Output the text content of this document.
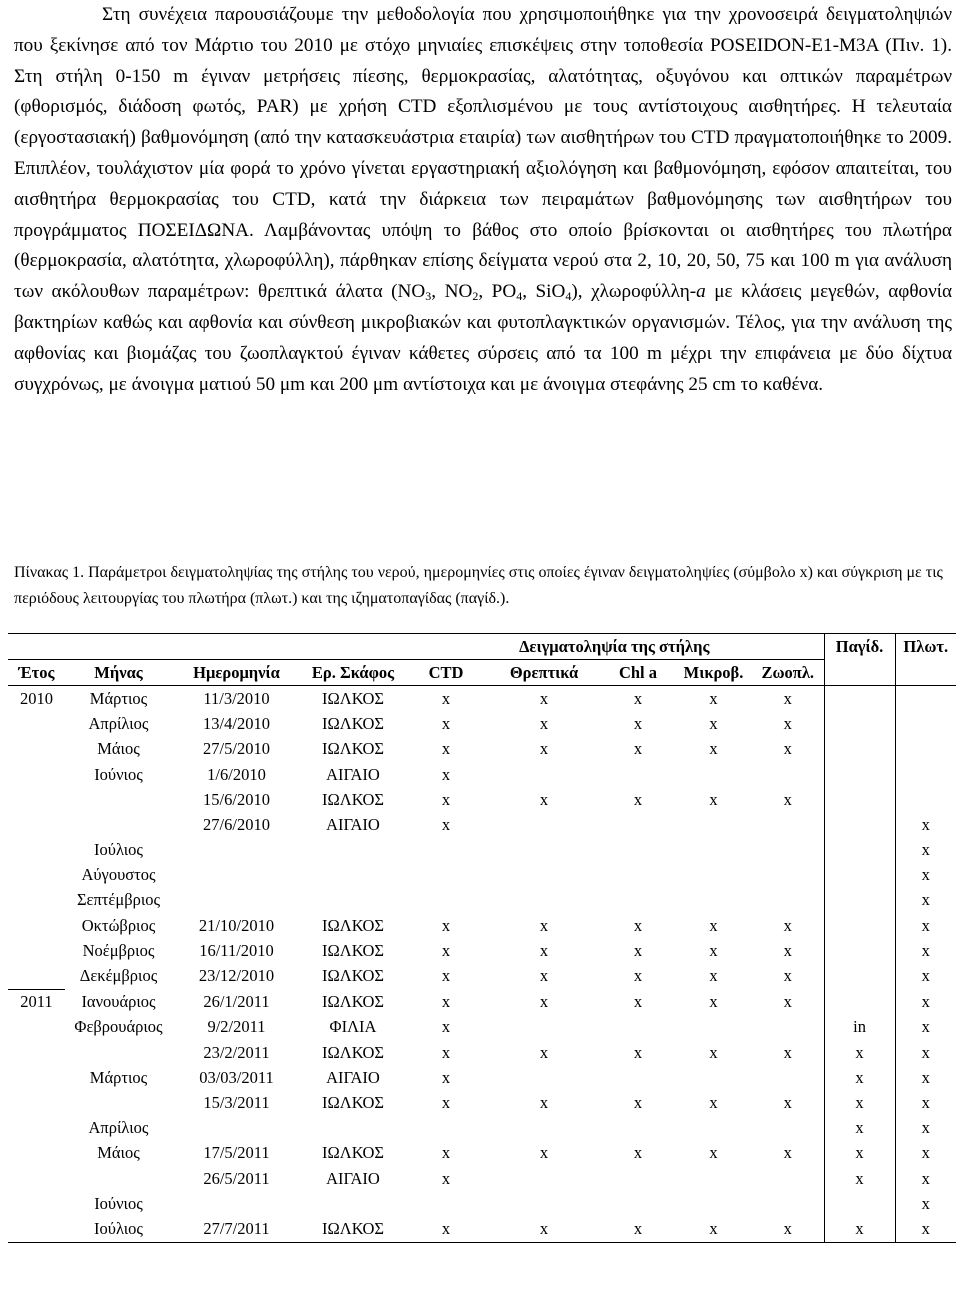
Στη συνέχεια παρουσιάζουμε την μεθοδολογία που χρησιμοποιήθηκε για την χρονοσειρά δειγματοληψιών που ξεκίνησε από τον Μάρτιο του 2010 με στόχο μηνιαίες επισκέψεις στην τοποθεσία POSEIDON-E1-M3A (Πιν. 1). Στη στήλη 0-150 m έγιναν μετρήσεις πίεσης, θερμοκρασίας, αλατότητας, οξυγόνου και οπτικών παραμέτρων (φθορισμός, διάδοση φωτός, PAR) με χρήση CTD εξοπλισμένου με τους αντίστοιχους αισθητήρες. Η τελευταία (εργοστασιακή) βαθμονόμηση (από την κατασκευάστρια εταιρία) των αισθητήρων του CTD πραγματοποιήθηκε το 2009. Επιπλέον, τουλάχιστον μία φορά το χρόνο γίνεται εργαστηριακή αξιολόγηση και βαθμονόμηση, εφόσον απαιτείται, του αισθητήρα θερμοκρασίας του CTD, κατά την διάρκεια των πειραμάτων βαθμονόμησης των αισθητήρων του προγράμματος ΠΟΣΕΙΔΩΝΑ. Λαμβάνοντας υπόψη το βάθος στο οποίο βρίσκονται οι αισθητήρες του πλωτήρα (θερμοκρασία, αλατότητα, χλωροφύλλη), πάρθηκαν επίσης δείγματα νερού στα 2, 10, 20, 50, 75 και 100 m για ανάλυση των ακόλουθων παραμέτρων: θρεπτικά άλατα ($NO_3$, $NO_2$, $PO_4$, SiO$_4$), χλωροφύλλη-a με κλάσεις μεγεθών, αφθονία βακτηρίων καθώς και αφθονία και σύνθεση μικροβιακών και φυτοπλαγκτικών οργανισμών. Τέλος, για την ανάλυση της αφθονίας και βιομάζας του ζωοπλαγκτού έγιναν κάθετες σύρσεις από τα 100 m μέχρι την επιφάνεια με δύο δίχτυα συγχρόνως, με άνοιγμα ματιού 50 μm και 200 μm αντίστοιχα και με άνοιγμα στεφάνης 25 cm το καθένα.

Πίνακας 1. Παράμετροι δειγματοληψίας της στήλης του νερού, ημερομηνίες στις οποίες έγιναν δειγματοληψίες (σύμβολο x) και σύγκριση με τις περιόδους λειτουργίας του πλωτήρα (πλωτ.) και της ιζηματοπαγίδας (παγίδ.).

				Δειγματοληψία της στήλης					Παγίδ.	Πλωτ.
Έτος	Μήνας	Ημερομηνία	Ερ. Σκάφος	CTD	Θρεπτικά	Chl a	Μικροβ.	Ζωοπλ.		
2010	Μάρτιος	11/3/2010	ΙΩΛΚΟΣ	x	x	x	x	x		
	Απρίλιος	13/4/2010	ΙΩΛΚΟΣ	x	x	x	x	x		
	Μάιος	27/5/2010	ΙΩΛΚΟΣ	x	x	x	x	x		
	Ιούνιος	1/6/2010	ΑΙΓΑΙΟ	x						
		15/6/2010	ΙΩΛΚΟΣ	x	x	x	x	x		
		27/6/2010	ΑΙΓΑΙΟ	x						x
	Ιούλιος									x
	Αύγουστος									x
	Σεπτέμβριος									x
	Οκτώβριος	21/10/2010	ΙΩΛΚΟΣ	x	x	x	x	x		x
	Νοέμβριος	16/11/2010	ΙΩΛΚΟΣ	x	x	x	x	x		x
	Δεκέμβριος	23/12/2010	ΙΩΛΚΟΣ	x	x	x	x	x		x
2011	Ιανουάριος	26/1/2011	ΙΩΛΚΟΣ	x	x	x	x	x		x
	Φεβρουάριος	9/2/2011	ΦΙΛΙΑ	x					in	x
		23/2/2011	ΙΩΛΚΟΣ	x	x	x	x	x	x	x
	Μάρτιος	03/03/2011	ΑΙΓΑΙΟ	x					x	x
		15/3/2011	ΙΩΛΚΟΣ	x	x	x	x	x	x	x
	Απρίλιος								x	x
	Μάιος	17/5/2011	ΙΩΛΚΟΣ	x	x	x	x	x	x	x
		26/5/2011	ΑΙΓΑΙΟ	x					x	x
	Ιούνιος									x
	Ιούλιος	27/7/2011	ΙΩΛΚΟΣ	x	x	x	x	x	x	x
